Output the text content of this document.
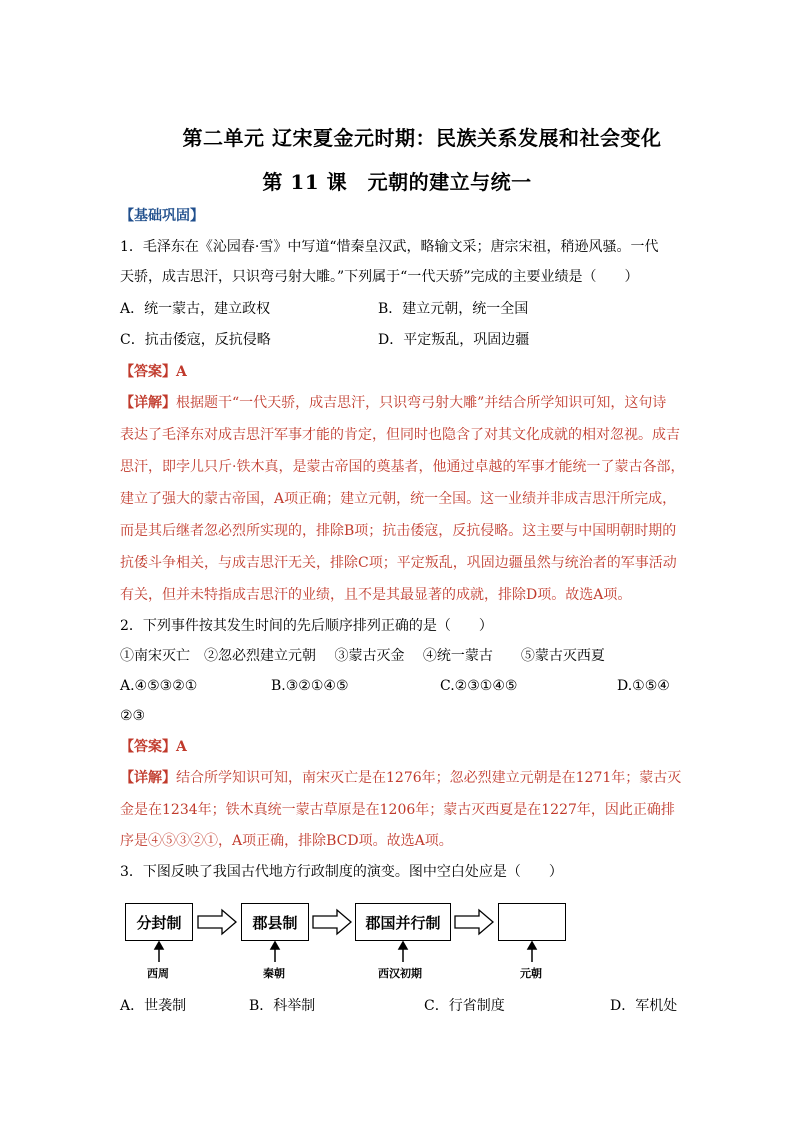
第二单元 辽宋夏金元时期：民族关系发展和社会变化
第 11 课　元朝的建立与统一
【基础巩固】
1．毛泽东在《沁园春·雪》中写道“惜秦皇汉武，略输文采；唐宗宋祖，稍逊风骚。一代
天骄，成吉思汗，只识弯弓射大雕。”下列属于“一代天骄”完成的主要业绩是（　　）
A．统一蒙古，建立政权	B．建立元朝，统一全国
C．抗击倭寇，反抗侵略	D．平定叛乱，巩固边疆
【答案】A
【详解】根据题干“一代天骄，成吉思汗，只识弯弓射大雕”并结合所学知识可知，这句诗
表达了毛泽东对成吉思汗军事才能的肯定，但同时也隐含了对其文化成就的相对忽视。成吉
思汗，即孛儿只斤·铁木真，是蒙古帝国的奠基者，他通过卓越的军事才能统一了蒙古各部，
建立了强大的蒙古帝国，A项正确；建立元朝，统一全国。这一业绩并非成吉思汗所完成，
而是其后继者忽必烈所实现的，排除B项；抗击倭寇，反抗侵略。这主要与中国明朝时期的
抗倭斗争相关，与成吉思汗无关，排除C项；平定叛乱，巩固边疆虽然与统治者的军事活动
有关，但并未特指成吉思汗的业绩，且不是其最显著的成就，排除D项。故选A项。
2．下列事件按其发生时间的先后顺序排列正确的是（　　）
①南宋灭亡　②忽必烈建立元朝　 ③蒙古灭金　 ④统一蒙古　　⑤蒙古灭西夏
A.④⑤③②①	B.③②①④⑤	C.②③①④⑤	D.①⑤④
②③
【答案】A
【详解】结合所学知识可知，南宋灭亡是在1276年；忽必烈建立元朝是在1271年；蒙古灭
金是在1234年；铁木真统一蒙古草原是在1206年；蒙古灭西夏是在1227年，因此正确排
序是④⑤③②①，A项正确，排除BCD项。故选A项。
3．下图反映了我国古代地方行政制度的演变。图中空白处应是（　　）
分封制	郡县制	郡国并行制
西周	秦朝	西汉初期	元朝
A．世袭制	B．科举制	C．行省制度	D．军机处
